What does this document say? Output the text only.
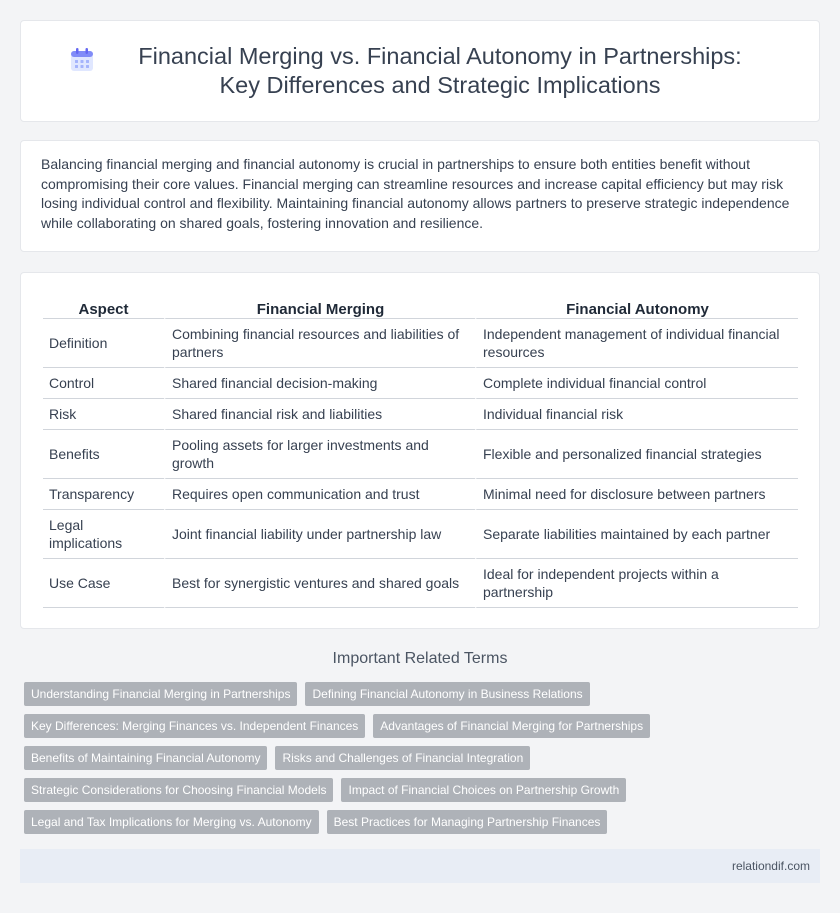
Financial Merging vs. Financial Autonomy in Partnerships: Key Differences and Strategic Implications

Balancing financial merging and financial autonomy is crucial in partnerships to ensure both entities benefit without compromising their core values. Financial merging can streamline resources and increase capital efficiency but may risk losing individual control and flexibility. Maintaining financial autonomy allows partners to preserve strategic independence while collaborating on shared goals, fostering innovation and resilience.

Aspect	Financial Merging	Financial Autonomy
Definition	Combining financial resources and liabilities of partners	Independent management of individual financial resources
Control	Shared financial decision-making	Complete individual financial control
Risk	Shared financial risk and liabilities	Individual financial risk
Benefits	Pooling assets for larger investments and growth	Flexible and personalized financial strategies
Transparency	Requires open communication and trust	Minimal need for disclosure between partners
Legal implications	Joint financial liability under partnership law	Separate liabilities maintained by each partner
Use Case	Best for synergistic ventures and shared goals	Ideal for independent projects within a partnership
Important Related Terms
Understanding Financial Merging in Partnerships	Defining Financial Autonomy in Business Relations
Key Differences: Merging Finances vs. Independent Finances	Advantages of Financial Merging for Partnerships
Benefits of Maintaining Financial Autonomy	Risks and Challenges of Financial Integration
Strategic Considerations for Choosing Financial Models	Impact of Financial Choices on Partnership Growth
Legal and Tax Implications for Merging vs. Autonomy	Best Practices for Managing Partnership Finances
relationdif.com
